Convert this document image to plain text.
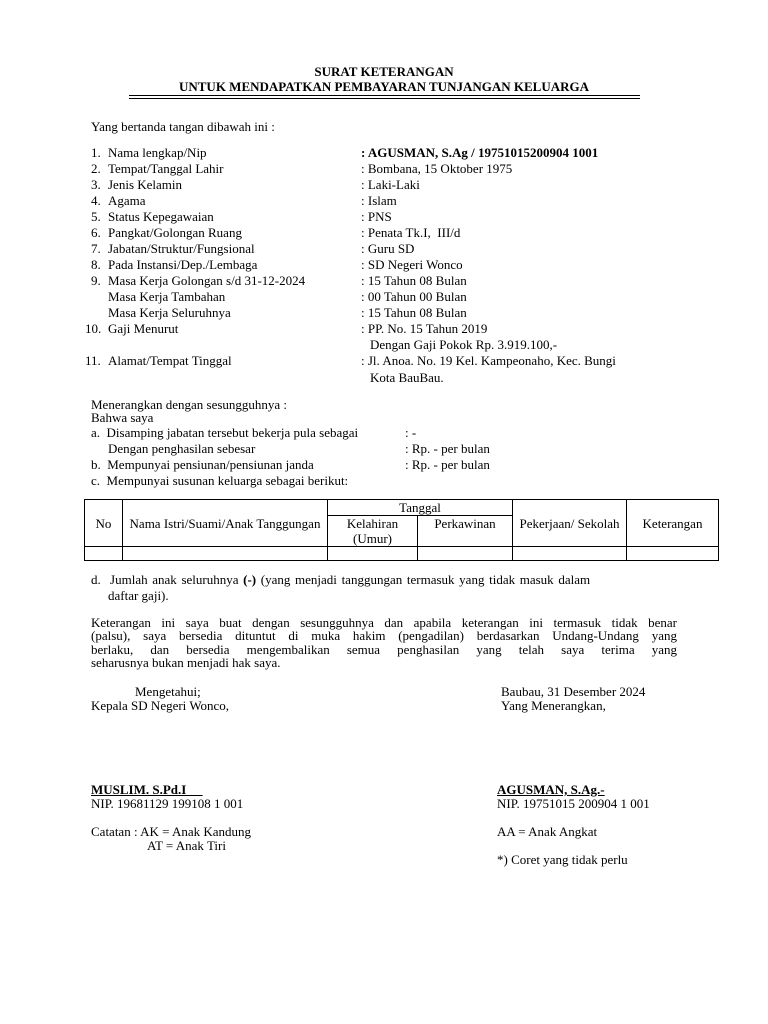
SURAT KETERANGAN
UNTUK MENDAPATKAN PEMBAYARAN TUNJANGAN KELUARGA
Yang bertanda tangan dibawah ini :
1. Nama lengkap/Nip	: AGUSMAN, S.Ag / 19751015200904 1001
2. Tempat/Tanggal Lahir	: Bombana, 15 Oktober 1975
3. Jenis Kelamin	: Laki-Laki
4. Agama	: Islam
5. Status Kepegawaian	: PNS
6. Pangkat/Golongan Ruang	: Penata Tk.I,  III/d
7. Jabatan/Struktur/Fungsional	: Guru SD
8. Pada Instansi/Dep./Lembaga	: SD Negeri Wonco
9. Masa Kerja Golongan s/d 31-12-2024	: 15 Tahun 08 Bulan
Masa Kerja Tambahan	: 00 Tahun 00 Bulan
Masa Kerja Seluruhnya	: 15 Tahun 08 Bulan
10. Gaji Menurut	: PP. No. 15 Tahun 2019
Dengan Gaji Pokok Rp. 3.919.100,-
11. Alamat/Tempat Tinggal	: Jl. Anoa. No. 19 Kel. Kampeonaho, Kec. Bungi
Kota BauBau.
Menerangkan dengan sesungguhnya :
Bahwa saya
a.  Disamping jabatan tersebut bekerja pula sebagai	: -
Dengan penghasilan sebesar	: Rp. - per bulan
b.  Mempunyai pensiunan/pensiunan janda	: Rp. - per bulan
c.  Mempunyai susunan keluarga sebagai berikut:
No	Nama Istri/Suami/Anak Tanggungan	Tanggal		Pekerjaan/ Sekolah	Keterangan
		Kelahiran (Umur)	Perkawinan		

d.  Jumlah anak seluruhnya (-) (yang menjadi tanggungan termasuk yang tidak masuk dalam
daftar gaji).
Keterangan ini saya buat dengan sesungguhnya dan apabila keterangan ini termasuk tidak benar
(palsu), saya bersedia dituntut di muka hakim (pengadilan) berdasarkan Undang-Undang yang
berlaku, dan bersedia mengembalikan semua penghasilan yang telah saya terima yang
seharusnya bukan menjadi hak saya.
Mengetahui;
Kepala SD Negeri Wonco,
Baubau, 31 Desember 2024
Yang Menerangkan,
MUSLIM. S.Pd.I
NIP. 19681129 199108 1 001
AGUSMAN, S.Ag.-
NIP. 19751015 200904 1 001
Catatan : AK = Anak Kandung
AT = Anak Tiri
AA = Anak Angkat
*) Coret yang tidak perlu
